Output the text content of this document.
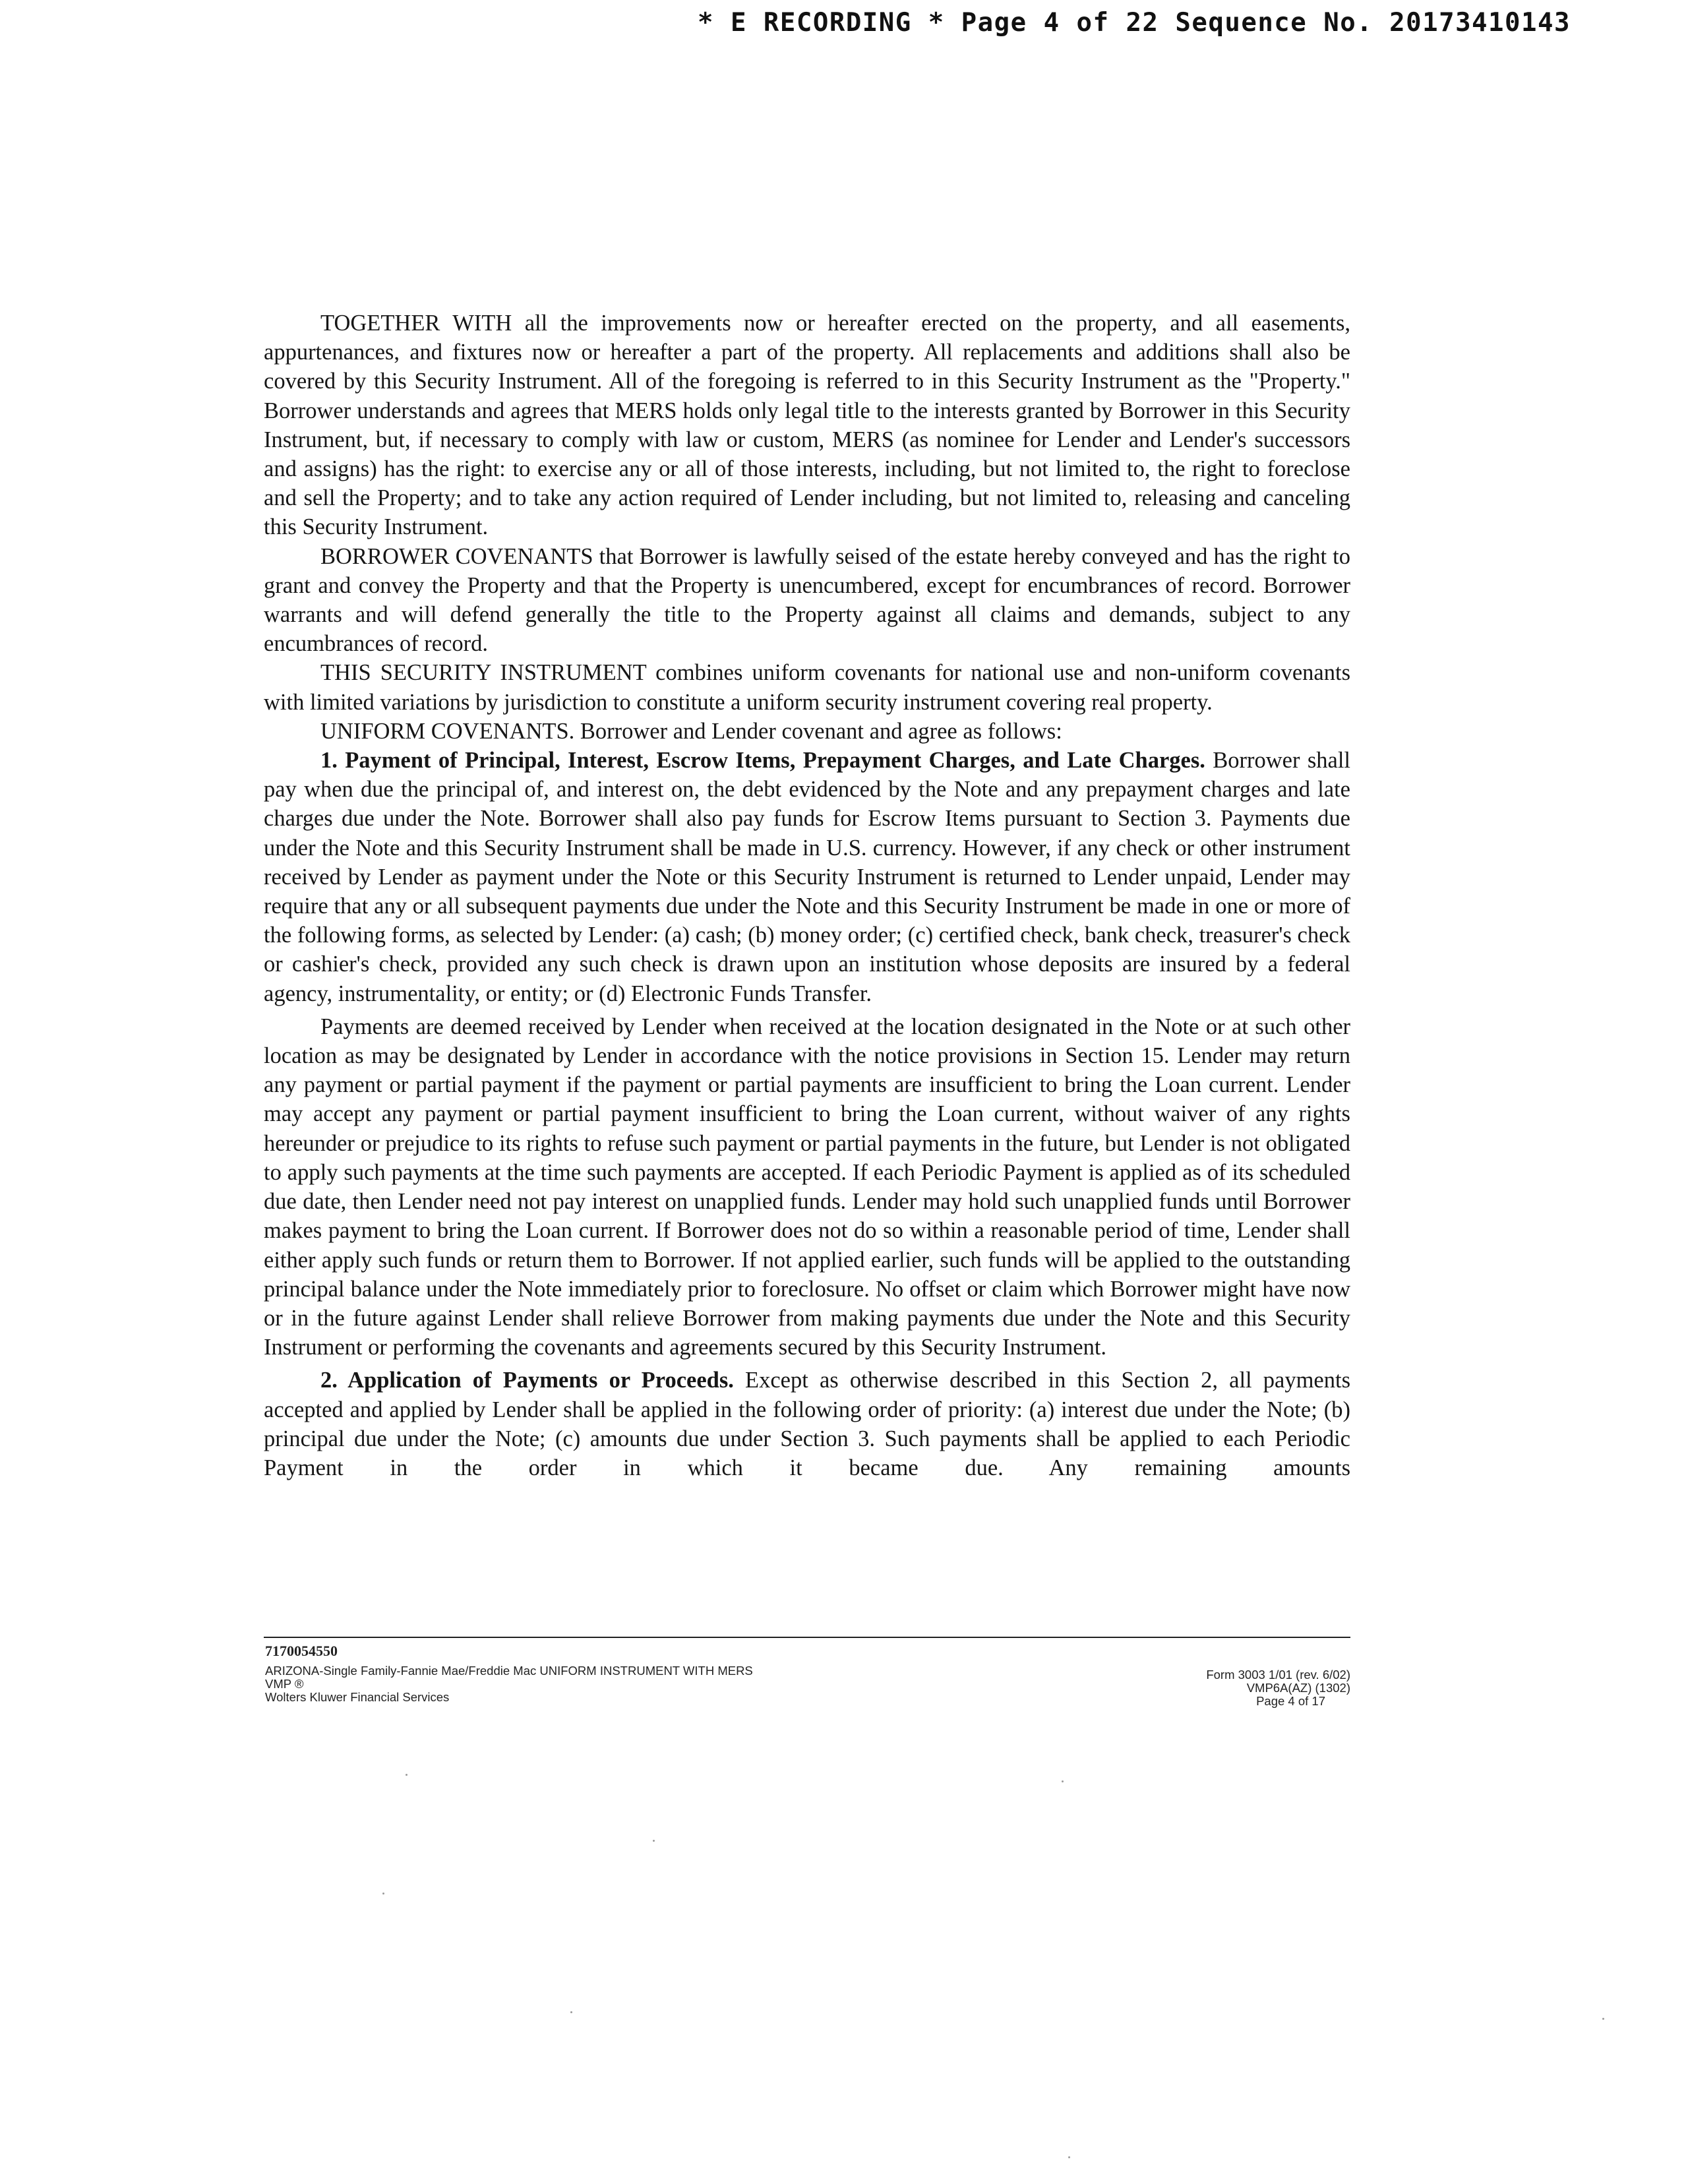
* E RECORDING * Page 4 of 22 Sequence No. 20173410143

TOGETHER WITH all the improvements now or hereafter erected on the property, and all easements, appurtenances, and fixtures now or hereafter a part of the property. All replacements and additions shall also be covered by this Security Instrument. All of the foregoing is referred to in this Security Instrument as the "Property." Borrower understands and agrees that MERS holds only legal title to the interests granted by Borrower in this Security Instrument, but, if necessary to comply with law or custom, MERS (as nominee for Lender and Lender's successors and assigns) has the right: to exercise any or all of those interests, including, but not limited to, the right to foreclose and sell the Property; and to take any action required of Lender including, but not limited to, releasing and canceling this Security Instrument.

BORROWER COVENANTS that Borrower is lawfully seised of the estate hereby conveyed and has the right to grant and convey the Property and that the Property is unencumbered, except for encumbrances of record. Borrower warrants and will defend generally the title to the Property against all claims and demands, subject to any encumbrances of record.

THIS SECURITY INSTRUMENT combines uniform covenants for national use and non-uniform covenants with limited variations by jurisdiction to constitute a uniform security instrument covering real property.

UNIFORM COVENANTS. Borrower and Lender covenant and agree as follows:

1. Payment of Principal, Interest, Escrow Items, Prepayment Charges, and Late Charges. Borrower shall pay when due the principal of, and interest on, the debt evidenced by the Note and any prepayment charges and late charges due under the Note. Borrower shall also pay funds for Escrow Items pursuant to Section 3. Payments due under the Note and this Security Instrument shall be made in U.S. currency. However, if any check or other instrument received by Lender as payment under the Note or this Security Instrument is returned to Lender unpaid, Lender may require that any or all subsequent payments due under the Note and this Security Instrument be made in one or more of the following forms, as selected by Lender: (a) cash; (b) money order; (c) certified check, bank check, treasurer's check or cashier's check, provided any such check is drawn upon an institution whose deposits are insured by a federal agency, instrumentality, or entity; or (d) Electronic Funds Transfer.

Payments are deemed received by Lender when received at the location designated in the Note or at such other location as may be designated by Lender in accordance with the notice provisions in Section 15. Lender may return any payment or partial payment if the payment or partial payments are insufficient to bring the Loan current. Lender may accept any payment or partial payment insufficient to bring the Loan current, without waiver of any rights hereunder or prejudice to its rights to refuse such payment or partial payments in the future, but Lender is not obligated to apply such payments at the time such payments are accepted. If each Periodic Payment is applied as of its scheduled due date, then Lender need not pay interest on unapplied funds. Lender may hold such unapplied funds until Borrower makes payment to bring the Loan current. If Borrower does not do so within a reasonable period of time, Lender shall either apply such funds or return them to Borrower. If not applied earlier, such funds will be applied to the outstanding principal balance under the Note immediately prior to foreclosure. No offset or claim which Borrower might have now or in the future against Lender shall relieve Borrower from making payments due under the Note and this Security Instrument or performing the covenants and agreements secured by this Security Instrument.

2. Application of Payments or Proceeds. Except as otherwise described in this Section 2, all payments accepted and applied by Lender shall be applied in the following order of priority: (a) interest due under the Note; (b) principal due under the Note; (c) amounts due under Section 3. Such payments shall be applied to each Periodic Payment in the order in which it became due. Any remaining amounts

7170054550
ARIZONA-Single Family-Fannie Mae/Freddie Mac UNIFORM INSTRUMENT WITH MERS
VMP ®
Wolters Kluwer Financial Services
Form 3003 1/01 (rev. 6/02)
VMP6A(AZ) (1302)
Page 4 of 17
